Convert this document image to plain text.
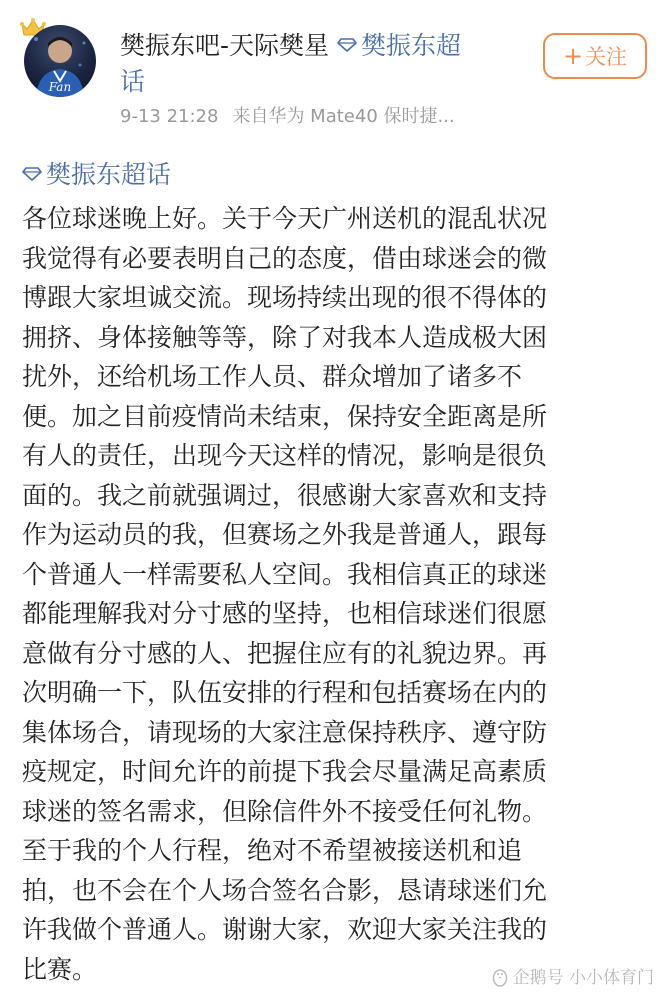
Fan
樊振东吧-天际樊星 樊振东超
话
9-13 21:28 来自华为 Mate40 保时捷...
+关注
樊振东超话
各位球迷晚上好。关于今天广州送机的混乱状况
我觉得有必要表明自己的态度，借由球迷会的微
博跟大家坦诚交流。现场持续出现的很不得体的
拥挤、身体接触等等，除了对我本人造成极大困
扰外，还给机场工作人员、群众增加了诸多不
便。加之目前疫情尚未结束，保持安全距离是所
有人的责任，出现今天这样的情况，影响是很负
面的。我之前就强调过，很感谢大家喜欢和支持
作为运动员的我，但赛场之外我是普通人，跟每
个普通人一样需要私人空间。我相信真正的球迷
都能理解我对分寸感的坚持，也相信球迷们很愿
意做有分寸感的人、把握住应有的礼貌边界。再
次明确一下，队伍安排的行程和包括赛场在内的
集体场合，请现场的大家注意保持秩序、遵守防
疫规定，时间允许的前提下我会尽量满足高素质
球迷的签名需求，但除信件外不接受任何礼物。
至于我的个人行程，绝对不希望被接送机和追
拍，也不会在个人场合签名合影，恳请球迷们允
许我做个普通人。谢谢大家，欢迎大家关注我的
比赛。	企鹅号 小小体育门
